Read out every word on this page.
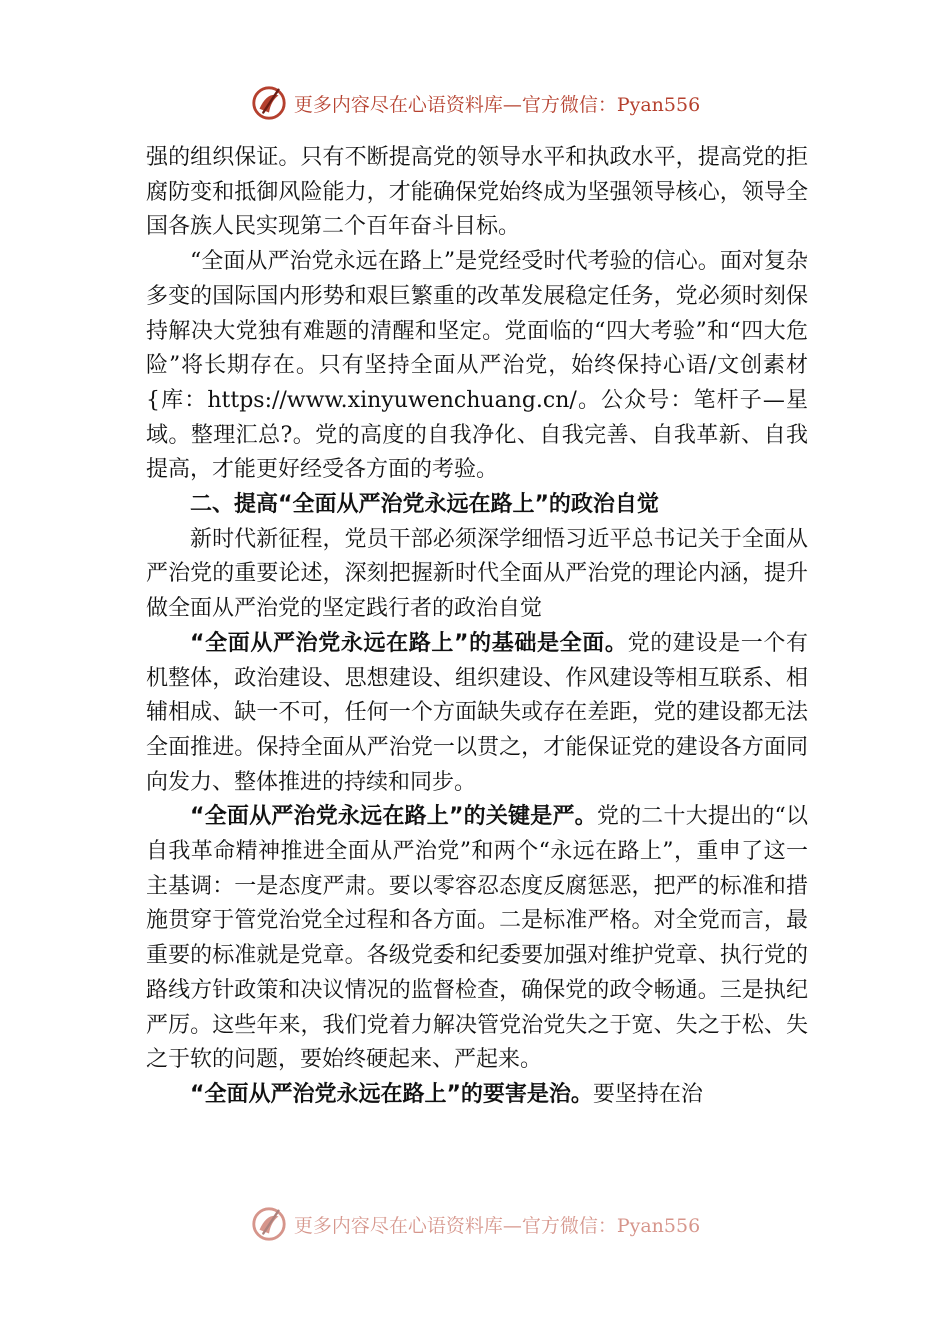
更多内容尽在心语资料库—官方微信：Pyan556

强的组织保证。只有不断提高党的领导水平和执政水平，提高党的拒腐防变和抵御风险能力，才能确保党始终成为坚强领导核心，领导全国各族人民实现第二个百年奋斗目标。

“全面从严治党永远在路上”是党经受时代考验的信心。面对复杂多变的国际国内形势和艰巨繁重的改革发展稳定任务，党必须时刻保持解决大党独有难题的清醒和坚定。党面临的“四大考验”和“四大危险”将长期存在。只有坚持全面从严治党，始终保持心语/文创素材{库：https://www.xinyuwenchuang.cn/。公众号：笔杆子—星域。整理汇总?。党的高度的自我净化、自我完善、自我革新、自我提高，才能更好经受各方面的考验。

二、提高“全面从严治党永远在路上”的政治自觉

新时代新征程，党员干部必须深学细悟习近平总书记关于全面从严治党的重要论述，深刻把握新时代全面从严治党的理论内涵，提升做全面从严治党的坚定践行者的政治自觉

“全面从严治党永远在路上”的基础是全面。党的建设是一个有机整体，政治建设、思想建设、组织建设、作风建设等相互联系、相辅相成、缺一不可，任何一个方面缺失或存在差距，党的建设都无法全面推进。保持全面从严治党一以贯之，才能保证党的建设各方面同向发力、整体推进的持续和同步。

“全面从严治党永远在路上”的关键是严。党的二十大提出的“以自我革命精神推进全面从严治党”和两个“永远在路上”，重申了这一主基调：一是态度严肃。要以零容忍态度反腐惩恶，把严的标准和措施贯穿于管党治党全过程和各方面。二是标准严格。对全党而言，最重要的标准就是党章。各级党委和纪委要加强对维护党章、执行党的路线方针政策和决议情况的监督检查，确保党的政令畅通。三是执纪严厉。这些年来，我们党着力解决管党治党失之于宽、失之于松、失之于软的问题，要始终硬起来、严起来。

“全面从严治党永远在路上”的要害是治。要坚持在治

更多内容尽在心语资料库—官方微信：Pyan556
